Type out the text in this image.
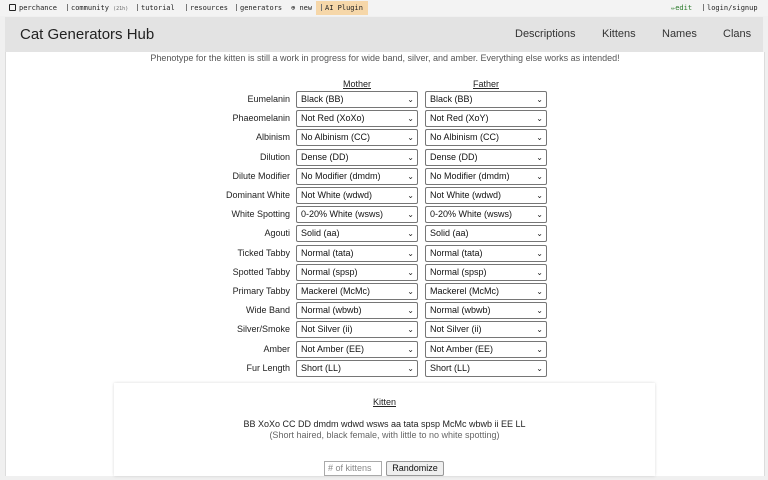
perchance	community (21h)	tutorial	resources	generators ⊕ new	AI Plugin	✏edit	login/signup
Cat Generators Hub	Descriptions Kittens Names Clans
Phenotype for the kitten is still a work in progress for wide band, silver, and amber. Everything else works as intended!
Mother	Father
Eumelanin	Black (BB)	⌄	Black (BB)	⌄
Phaeomelanin	Not Red (XoXo)	⌄	Not Red (XoY)	⌄
Albinism	No Albinism (CC)	⌄	No Albinism (CC)	⌄
Dilution	Dense (DD)	⌄	Dense (DD)	⌄
Dilute Modifier	No Modifier (dmdm)	⌄	No Modifier (dmdm)	⌄
Dominant White	Not White (wdwd)	⌄	Not White (wdwd)	⌄
White Spotting	0-20% White (wsws)	⌄	0-20% White (wsws)	⌄
Agouti	Solid (aa)	⌄	Solid (aa)	⌄
Ticked Tabby	Normal (tata)	⌄	Normal (tata)	⌄
Spotted Tabby	Normal (spsp)	⌄	Normal (spsp)	⌄
Primary Tabby	Mackerel (McMc)	⌄	Mackerel (McMc)	⌄
Wide Band	Normal (wbwb)	⌄	Normal (wbwb)	⌄
Silver/Smoke	Not Silver (ii)	⌄	Not Silver (ii)	⌄
Amber	Not Amber (EE)	⌄	Not Amber (EE)	⌄
Fur Length	Short (LL)	⌄	Short (LL)	⌄
Kitten
BB XoXo CC DD dmdm wdwd wsws aa tata spsp McMc wbwb ii EE LL
(Short haired, black female, with little to no white spotting)
# of kittens	Randomize
